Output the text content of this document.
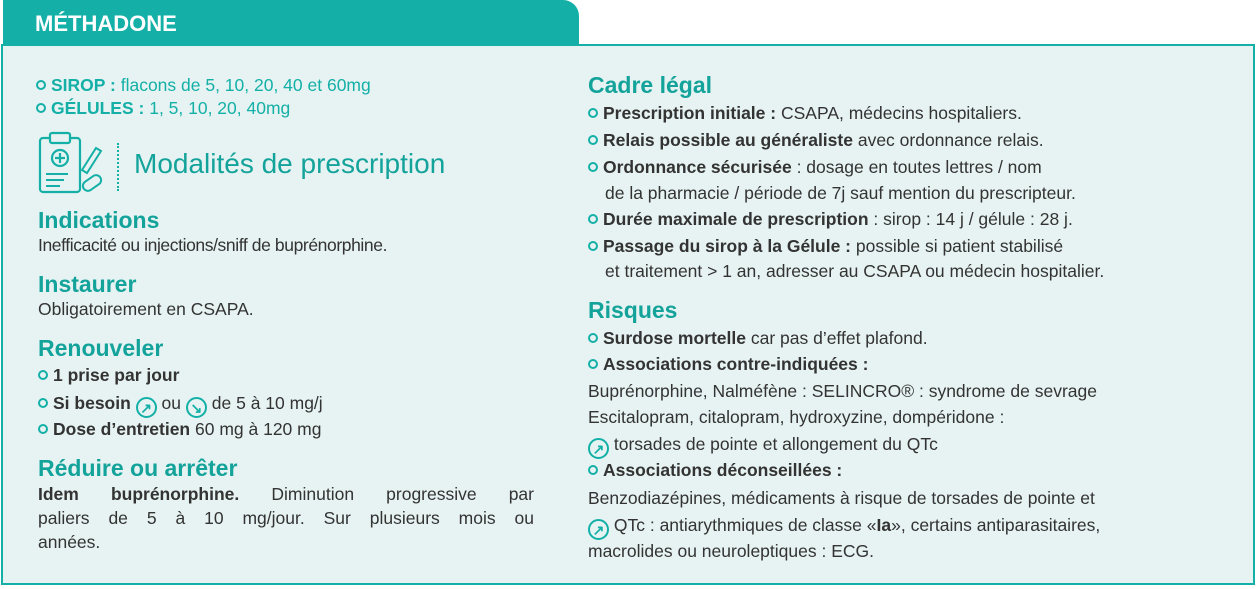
MÉTHADONE
SIROP : flacons de 5, 10, 20, 40 et 60mg
GÉLULES : 1, 5, 10, 20, 40mg
Modalités de prescription
Indications
Inefficacité ou injections/sniff de buprénorphine.
Instaurer
Obligatoirement en CSAPA.
Renouveler
1 prise par jour
Si besoin ↗ ou ↘ de 5 à 10 mg/j
Dose d’entretien 60 mg à 120 mg
Réduire ou arrêter
Idem buprénorphine. Diminution progressive par
paliers de 5 à 10 mg/jour. Sur plusieurs mois ou
années.
Cadre légal
Prescription initiale : CSAPA, médecins hospitaliers.
Relais possible au généraliste avec ordonnance relais.
Ordonnance sécurisée : dosage en toutes lettres / nom
de la pharmacie / période de 7j sauf mention du prescripteur.
Durée maximale de prescription : sirop : 14 j / gélule : 28 j.
Passage du sirop à la Gélule : possible si patient stabilisé
et traitement > 1 an, adresser au CSAPA ou médecin hospitalier.
Risques
Surdose mortelle car pas d’effet plafond.
Associations contre-indiquées :
Buprénorphine, Nalméfène : SELINCRO® : syndrome de sevrage
Escitalopram, citalopram, hydroxyzine, dompéridone :
↗ torsades de pointe et allongement du QTc
Associations déconseillées :
Benzodiazépines, médicaments à risque de torsades de pointe et
↗ QTc : antiarythmiques de classe «Ia», certains antiparasitaires,
macrolides ou neuroleptiques : ECG.
